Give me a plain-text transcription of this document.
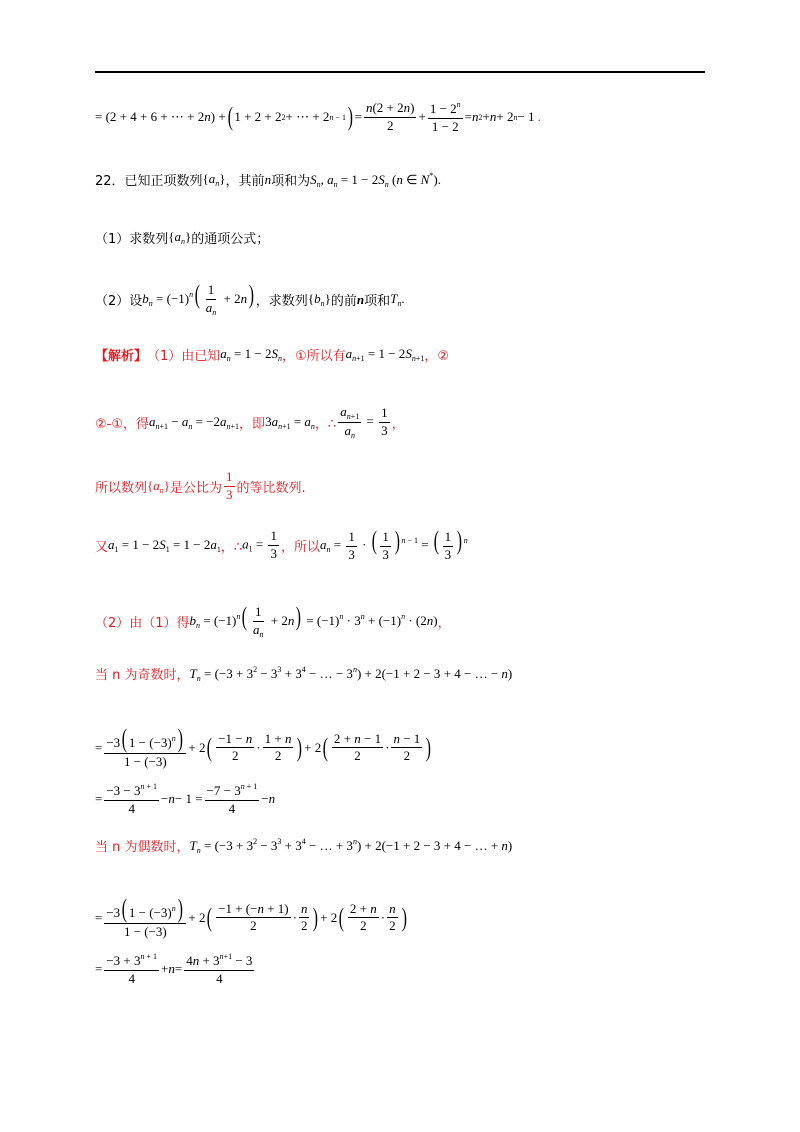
= (2 + 4 + 6 + ⋯ + 2 n ) + ( 1 + 2 + 2 2 + ⋯ + 2 n − 1 ) = $\frac{n(2 + 2n)}{2} + \frac{1 - 2^n}{1 - 2} = n$ 2 + n + 2 n − 1 .
22．已知正项数列 $\{a_n\}$ ，其前 n 项和为 $S_n$, $a_n = 1 - 2S_n$ (n ∈ N*) .
（1）求数列 $\{a_n\}$ 的通项公式；
（2）设 $b_n = (-1)^n( \frac{1}{a_n} + 2n)$ ，求数列 $\{b_n\}$ 的前 n 项和 $T_n$.
【解析】 （1）由已知 $a_n = 1 - 2S_n$ ，①所以有 $a_{n+1} = 1 - 2S_{n+1}$ ，②
②-①，得 $a_{n+1} - a_n = -2a_{n+1}$ ，即 $3a_{n+1} = a_n$ ，∴ $\frac{a_{n+1}}{a_n} = \frac{1}{3}$ ，
所以数列 $\{a_n\}$ 是公比为 $\frac{1}{3}$ 的等比数列.
又 $a_1 = 1 - 2S_1 = 1 - 2a_1$ ，∴ $a_1 = \frac{1}{3}$ ，所以 $a_n = \frac{1}{3}$ · ( $\frac{1}{3}$ ) $^{n - 1}$ = ( $\frac{1}{3}$ ) $^n$
（2）由（1）得 $b_n = (-1)^n( \frac{1}{a_n} + 2n) = (-1)^n \cdot 3^n + (-1)^n \cdot (2n)$ ，
当 n 为奇数时， $T_n = (-3 + 3^2 - 3^3 + 3^4$ − … − $3^n) + 2(-1 + 2 - 3 + 4$ − … − n)
= $\frac{-3( 1 - (-3)^n)}{1 - (-3)} + 2$ ( $\frac{-1 - n}{2} \cdot \frac{1 + n}{2}$ ) + 2 ( $\frac{2 + n - 1}{2} \cdot \frac{n - 1}{2}$ )
= $\frac{-3 - 3^{n + 1}}{4} - n - 1 = \frac{-7 - 3^{n + 1}}{4} - n$
当 n 为偶数时， $T_n = (-3 + 3^2 - 3^3 + 3^4$ − … + $3^n) + 2(-1 + 2 - 3 + 4$ − … + n)
= $\frac{-3( 1 - (-3)^n)}{1 - (-3)} + 2$ ( $\frac{-1 + (-n + 1)}{2} \cdot \frac{n}{2}$ ) + 2 ( $\frac{2 + n}{2} \cdot \frac{n}{2}$ )
= $\frac{-3 + 3^{n + 1}}{4} + n = \frac{4n + 3^{n+1} - 3}{4}$
